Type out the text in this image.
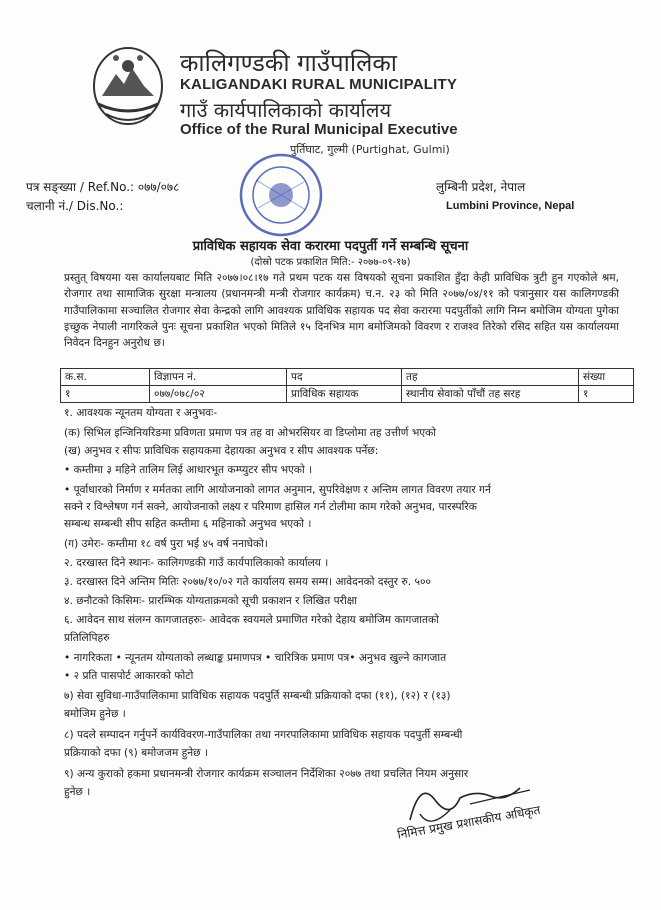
कालिगण्डकी गाउँपालिका
KALIGANDAKI RURAL MUNICIPALITY
गाउँ कार्यपालिकाको कार्यालय
Office of the Rural Municipal Executive
पुर्तिघाट, गुल्मी (Purtighat, Gulmi)
पत्र सङ्ख्या / Ref.No.: ०७७/०७८
चलानी नं./ Dis.No.:
लुम्बिनी प्रदेश, नेपाल
Lumbini Province, Nepal
प्राविधिक सहायक सेवा करारमा पदपुर्ती गर्ने सम्बन्धि सूचना
(दोस्रो पटक प्रकाशित मिति:- २०७७-०९-१७)
प्रस्तुत् विषयमा यस कार्यालयबाट मिति २०७७।०८।१७ गते प्रथम पटक यस विषयको सूचना प्रकाशित हुँदा केही प्राविधिक त्रुटी हुन गएकोले श्रम, रोजगार तथा सामाजिक सुरक्षा मन्त्रालय (प्रधानमन्त्री मन्त्री रोजगार कार्यक्रम) च.न. २३ को मिति २०७७/०४/११ को पत्रानुसार यस कालिगण्डकी गाउँपालिकामा सञ्चालित रोजगार सेवा केन्द्रको लागि आवश्यक प्राविधिक सहायक पद सेवा करारमा पदपुर्तीको लागि निम्न बमोजिम योग्यता पुगेका इच्छुक नेपाली नागरिकले पुनः सूचना प्रकाशित भएको मितिले १५ दिनभित्र माग बमोजिमको विवरण र राजश्व तिरेको रसिद सहित यस कार्यालयमा निवेदन दिनहुन अनुरोध छ।
क.स.	विज्ञापन नं.	पद	तह	संख्या
१	०७७/०७८/०२	प्राविधिक सहायक	स्थानीय सेवाको पाँचौं तह सरह	१
१. आवश्यक न्यूनतम योग्यता र अनुभवः-
(क) सिभिल इन्जिनियरिङमा प्रविणता प्रमाण पत्र तह वा ओभरसियर वा डिप्लोमा तह उत्तीर्ण भएको
(ख) अनुभव र सीपः प्राविधिक सहायकमा देहायका अनुभव र सीप आवश्यक पर्नेछ:
• कम्तीमा ३ महिने तालिम लिई आधारभूत कम्प्युटर सीप भएको ।
• पूर्वाधारको निर्माण र मर्मतका लागि आयोजनाको लागत अनुमान, सुपरिवेक्षण र अन्तिम लागत विवरण तयार गर्न
सक्ने र विश्लेषण गर्न सक्ने, आयोजनाको लक्ष्य र परिमाण हासिल गर्न टोलीमा काम गरेको अनुभव, पारस्परिक
सम्बन्ध सम्बन्धी सीप सहित कम्तीमा ६ महिनाको अनुभव भएको ।
(ग) उमेरः- कम्तीमा १८ वर्ष पुरा भई ४५ वर्ष ननाघेको।
२. दरखास्त दिने स्थानः- कालिगण्डकी गाउँ कार्यपालिकाको कार्यालय ।
३. दरखास्त दिने अन्तिम मितिः २०७७/१०/०२ गते कार्यालय समय सम्म। आवेदनको दस्तुर रु. ५००
४. छनौटको किसिमः- प्रारम्भिक योग्यताक्रमको सूची प्रकाशन र लिखित परीक्षा
६. आवेदन साथ संलग्न कागजातहरुः- आवेदक स्वयमले प्रमाणित गरेको देहाय बमोजिम कागजातको
प्रतिलिपिहरु
• नागरिकता • न्यूनतम योग्यताको लब्धाङ्क प्रमाणपत्र • चारित्रिक प्रमाण पत्र• अनुभव खुल्ने कागजात
• २ प्रति पासपोर्ट आकारको फोटो
७) सेवा सुविधा-गाउँपालिकामा प्राविधिक सहायक पदपुर्ति सम्बन्धी प्रक्रियाको दफा (११), (१२) र (१३)
बमोजिम हुनेछ ।
८) पदले सम्पादन गर्नुपर्ने कार्यविवरण-गाउँपालिका तथा नगरपालिकामा प्राविधिक सहायक पदपुर्ती सम्बन्धी
प्रक्रियाको दफा (९) बमोजजम हुनेछ ।
९) अन्य कुराको हकमा प्रधानमन्त्री रोजगार कार्यक्रम सञ्चालन निर्देशिका २०७७ तथा प्रचलित नियम अनुसार
हुनेछ ।
निमित्त प्रमुख प्रशासकीय अधिकृत
